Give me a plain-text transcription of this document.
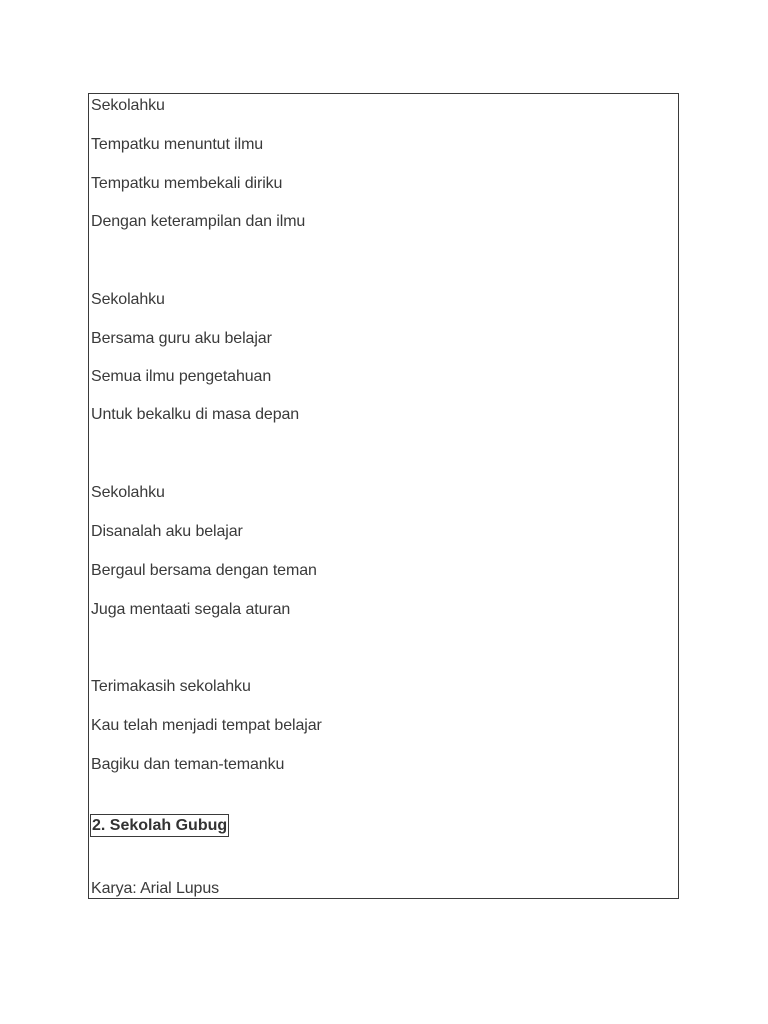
Sekolahku
Tempatku menuntut ilmu
Tempatku membekali diriku
Dengan keterampilan dan ilmu
Sekolahku
Bersama guru aku belajar
Semua ilmu pengetahuan
Untuk bekalku di masa depan
Sekolahku
Disanalah aku belajar
Bergaul bersama dengan teman
Juga mentaati segala aturan
Terimakasih sekolahku
Kau telah menjadi tempat belajar
Bagiku dan teman-temanku
2. Sekolah Gubug
Karya: Arial Lupus
